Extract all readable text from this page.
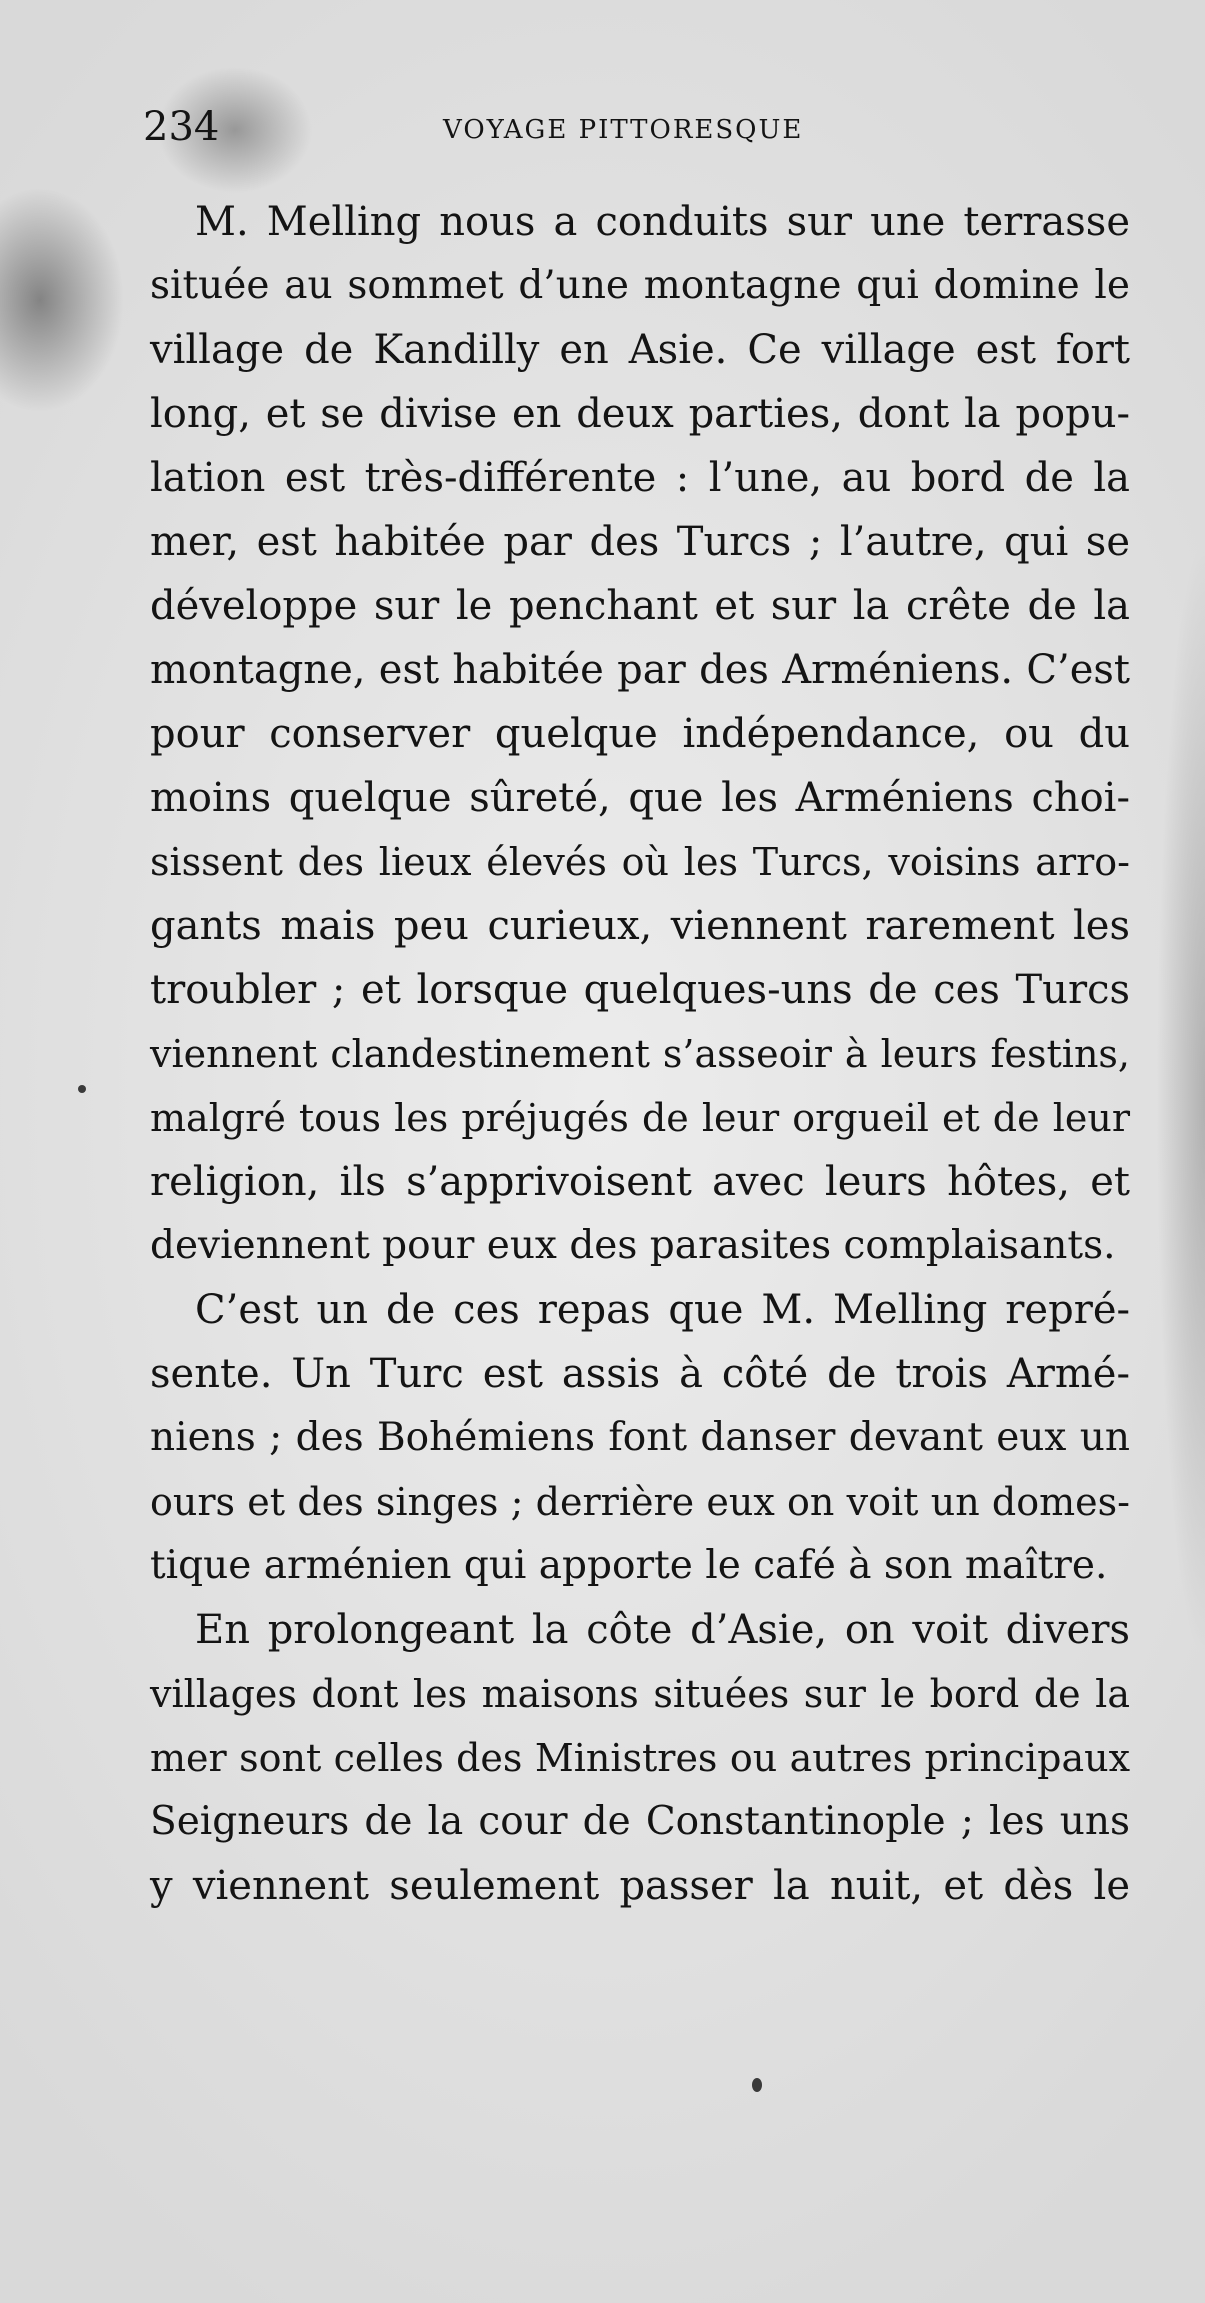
234	VOYAGE PITTORESQUE
M. Melling nous a conduits sur une terrasse
située au sommet d’une montagne qui domine le
village de Kandilly en Asie. Ce village est fort
long, et se divise en deux parties, dont la popu-
lation est très-différente : l’une, au bord de la
mer, est habitée par des Turcs ; l’autre, qui se
développe sur le penchant et sur la crête de la
montagne, est habitée par des Arméniens. C’est
pour conserver quelque indépendance, ou du
moins quelque sûreté, que les Arméniens choi-
sissent des lieux élevés où les Turcs, voisins arro-
gants mais peu curieux, viennent rarement les
troubler ; et lorsque quelques-uns de ces Turcs
viennent clandestinement s’asseoir à leurs festins,
malgré tous les préjugés de leur orgueil et de leur
religion, ils s’apprivoisent avec leurs hôtes, et
deviennent pour eux des parasites complaisants.
C’est un de ces repas que M. Melling repré-
sente. Un Turc est assis à côté de trois Armé-
niens ; des Bohémiens font danser devant eux un
ours et des singes ; derrière eux on voit un domes-
tique arménien qui apporte le café à son maître.
En prolongeant la côte d’Asie, on voit divers
villages dont les maisons situées sur le bord de la
mer sont celles des Ministres ou autres principaux
Seigneurs de la cour de Constantinople ; les uns
y viennent seulement passer la nuit, et dès le
